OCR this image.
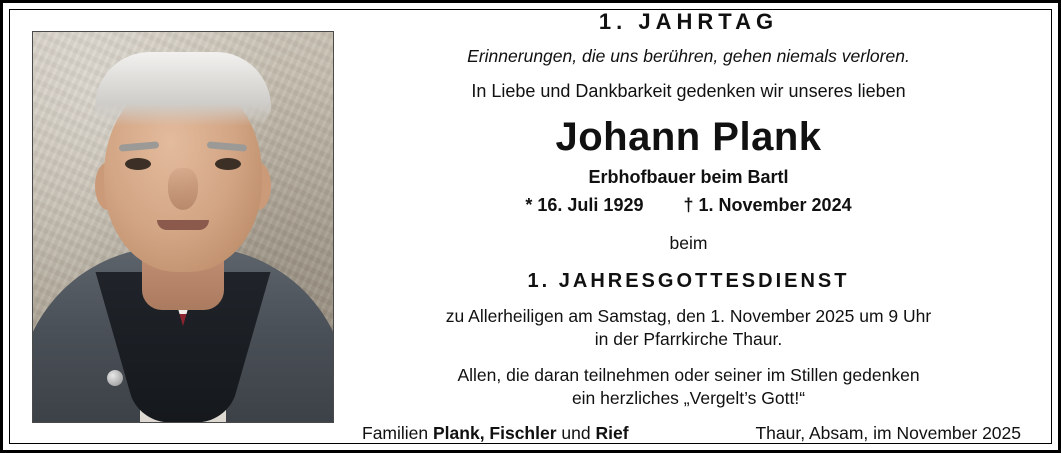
1. JAHRTAG
Erinnerungen, die uns berühren, gehen niemals verloren.
In Liebe und Dankbarkeit gedenken wir unseres lieben
Johann Plank
Erbhofbauer beim Bartl
* 16. Juli 1929 † 1. November 2024
beim
1. JAHRESGOTTESDIENST
zu Allerheiligen am Samstag, den 1. November 2025 um 9 Uhr
in der Pfarrkirche Thaur.
Allen, die daran teilnehmen oder seiner im Stillen gedenken
ein herzliches „Vergelt’s Gott!“
Familien Plank, Fischler und Rief	Thaur, Absam, im November 2025
